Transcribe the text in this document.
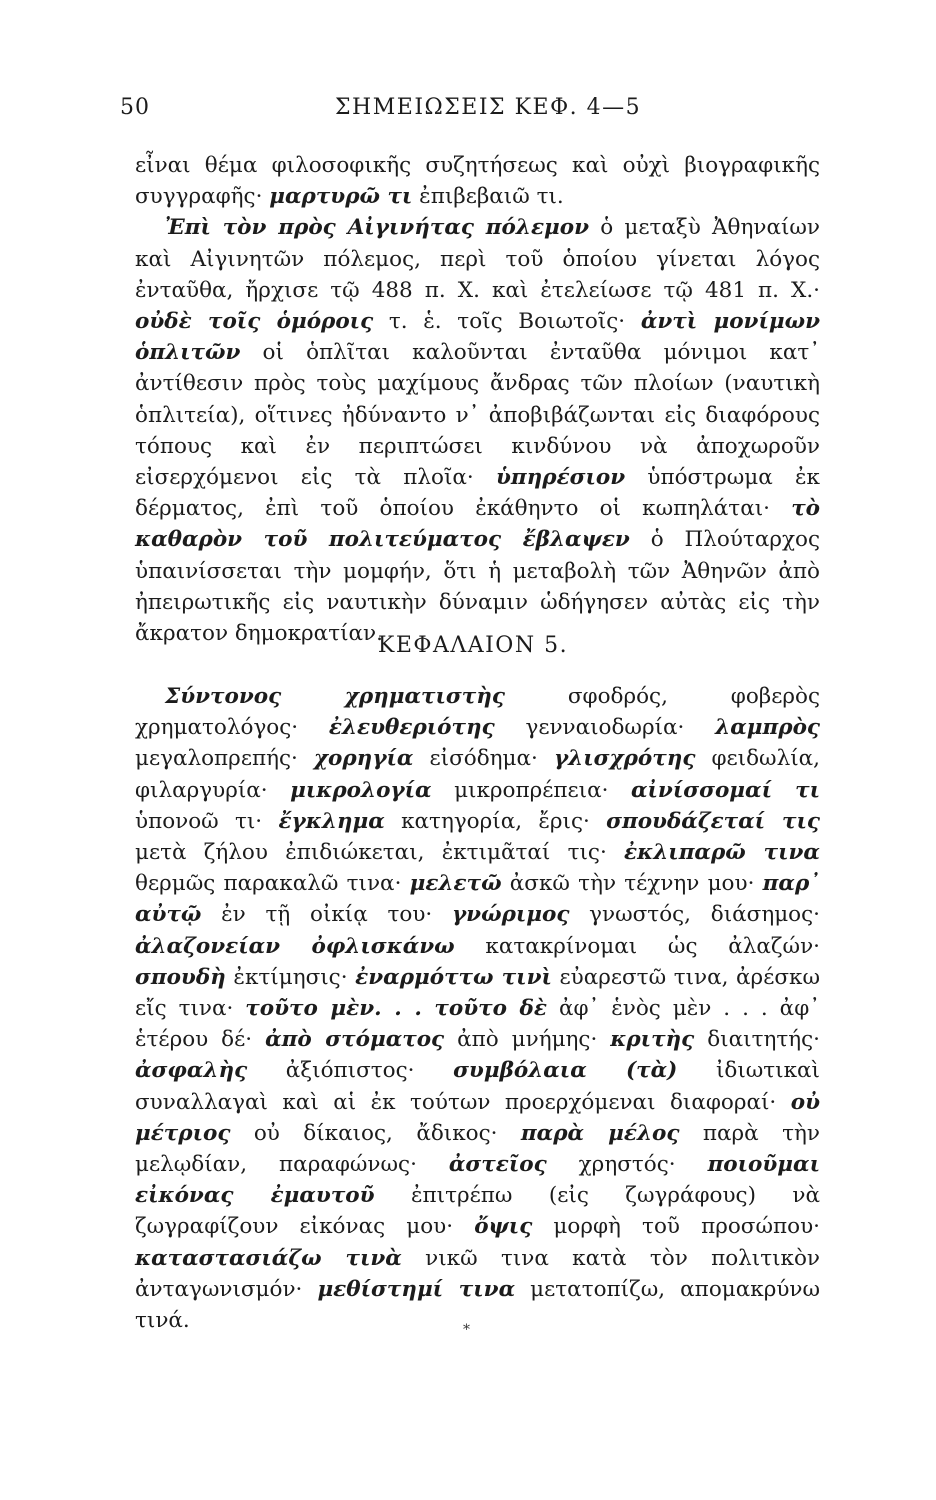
50	ΣΗΜΕΙΩΣΕΙΣ ΚΕΦ. 4—5

εἶναι θέμα φιλοσοφικῆς συζητήσεως καὶ οὐχὶ βιογραφικῆς συγγραφῆς· μαρτυρῶ τι ἐπιβεβαιῶ τι.

Ἐπὶ τὸν πρὸς Αἰγινήτας πόλεμον ὁ μεταξὺ Ἀθηναίων καὶ Αἰγινητῶν πόλεμος, περὶ τοῦ ὁποίου γίνεται λόγος ἐνταῦθα, ἤρχισε τῷ 488 π. Χ. καὶ ἐτελείωσε τῷ 481 π. Χ.· οὐδὲ τοῖς ὁμόροις τ. ἑ. τοῖς Βοιωτοῖς· ἀντὶ μονίμων ὁπλιτῶν οἱ ὁπλῖται καλοῦνται ἐνταῦθα μόνιμοι κατ᾿ ἀντίθεσιν πρὸς τοὺς μαχίμους ἄνδρας τῶν πλοίων (ναυτικὴ ὁπλιτεία), οἵτινες ἠδύναντο ν᾿ ἀποβιβάζωνται εἰς διαφόρους τόπους καὶ ἐν περιπτώσει κινδύνου νὰ ἀποχωροῦν εἰσερχόμενοι εἰς τὰ πλοῖα· ὑπηρέσιον ὑπόστρωμα ἐκ δέρματος, ἐπὶ τοῦ ὁποίου ἐκάθηντο οἱ κωπηλάται· τὸ καθαρὸν τοῦ πολιτεύματος ἔβλαψεν ὁ Πλούταρχος ὑπαινίσσεται τὴν μομφήν, ὅτι ἡ μεταβολὴ τῶν Ἀθηνῶν ἀπὸ ἠπειρωτικῆς εἰς ναυτικὴν δύναμιν ὡδήγησεν αὐτὰς εἰς τὴν ἄκρατον δημοκρατίαν.

ΚΕΦΑΛΑΙΟΝ 5.

Σύντονος χρηματιστὴς σφοδρός, φοβερὸς χρηματολόγος· ἐλευθεριότης γενναιοδωρία· λαμπρὸς μεγαλοπρεπής· χορηγία εἰσόδημα· γλισχρότης φειδωλία, φιλαργυρία· μικρολογία μικροπρέπεια· αἰνίσσομαί τι ὑπονοῶ τι· ἔγκλημα κατηγορία, ἔρις· σπουδάζεταί τις μετὰ ζήλου ἐπιδιώκεται, ἐκτιμᾶταί τις· ἐκλιπαρῶ τινα θερμῶς παρακαλῶ τινα· μελετῶ ἀσκῶ τὴν τέχνην μου· παρ᾿ αὐτῷ ἐν τῇ οἰκίᾳ του· γνώριμος γνωστός, διάσημος· ἀλαζονείαν ὀφλισκάνω κατακρίνομαι ὡς ἀλαζών· σπουδὴ ἐκτίμησις· ἐναρμόττω τινὶ εὐαρεστῶ τινα, ἀρέσκω εἴς τινα· τοῦτο μὲν. . . τοῦτο δὲ ἀφ᾿ ἑνὸς μὲν . . . ἀφ᾿ ἑτέρου δέ· ἀπὸ στόματος ἀπὸ μνήμης· κριτὴς διαιτητής· ἀσφαλὴς ἀξιόπιστος· συμβόλαια (τὰ) ἰδιωτικαὶ συναλλαγαὶ καὶ αἱ ἐκ τούτων προερχόμεναι διαφοραί· οὐ μέτριος οὐ δίκαιος, ἄδικος· παρὰ μέλος παρὰ τὴν μελῳδίαν, παραφώνως· ἀστεῖος χρηστός· ποιοῦμαι εἰκόνας ἐμαυτοῦ ἐπιτρέπω (εἰς ζωγράφους) νὰ ζωγραφίζουν εἰκόνας μου· ὄψις μορφὴ τοῦ προσώπου· καταστασιάζω τινὰ νικῶ τινα κατὰ τὸν πολιτικὸν ἀνταγωνισμόν· μεθίστημί τινα μετατοπίζω, απομακρύνω τινά.	*
